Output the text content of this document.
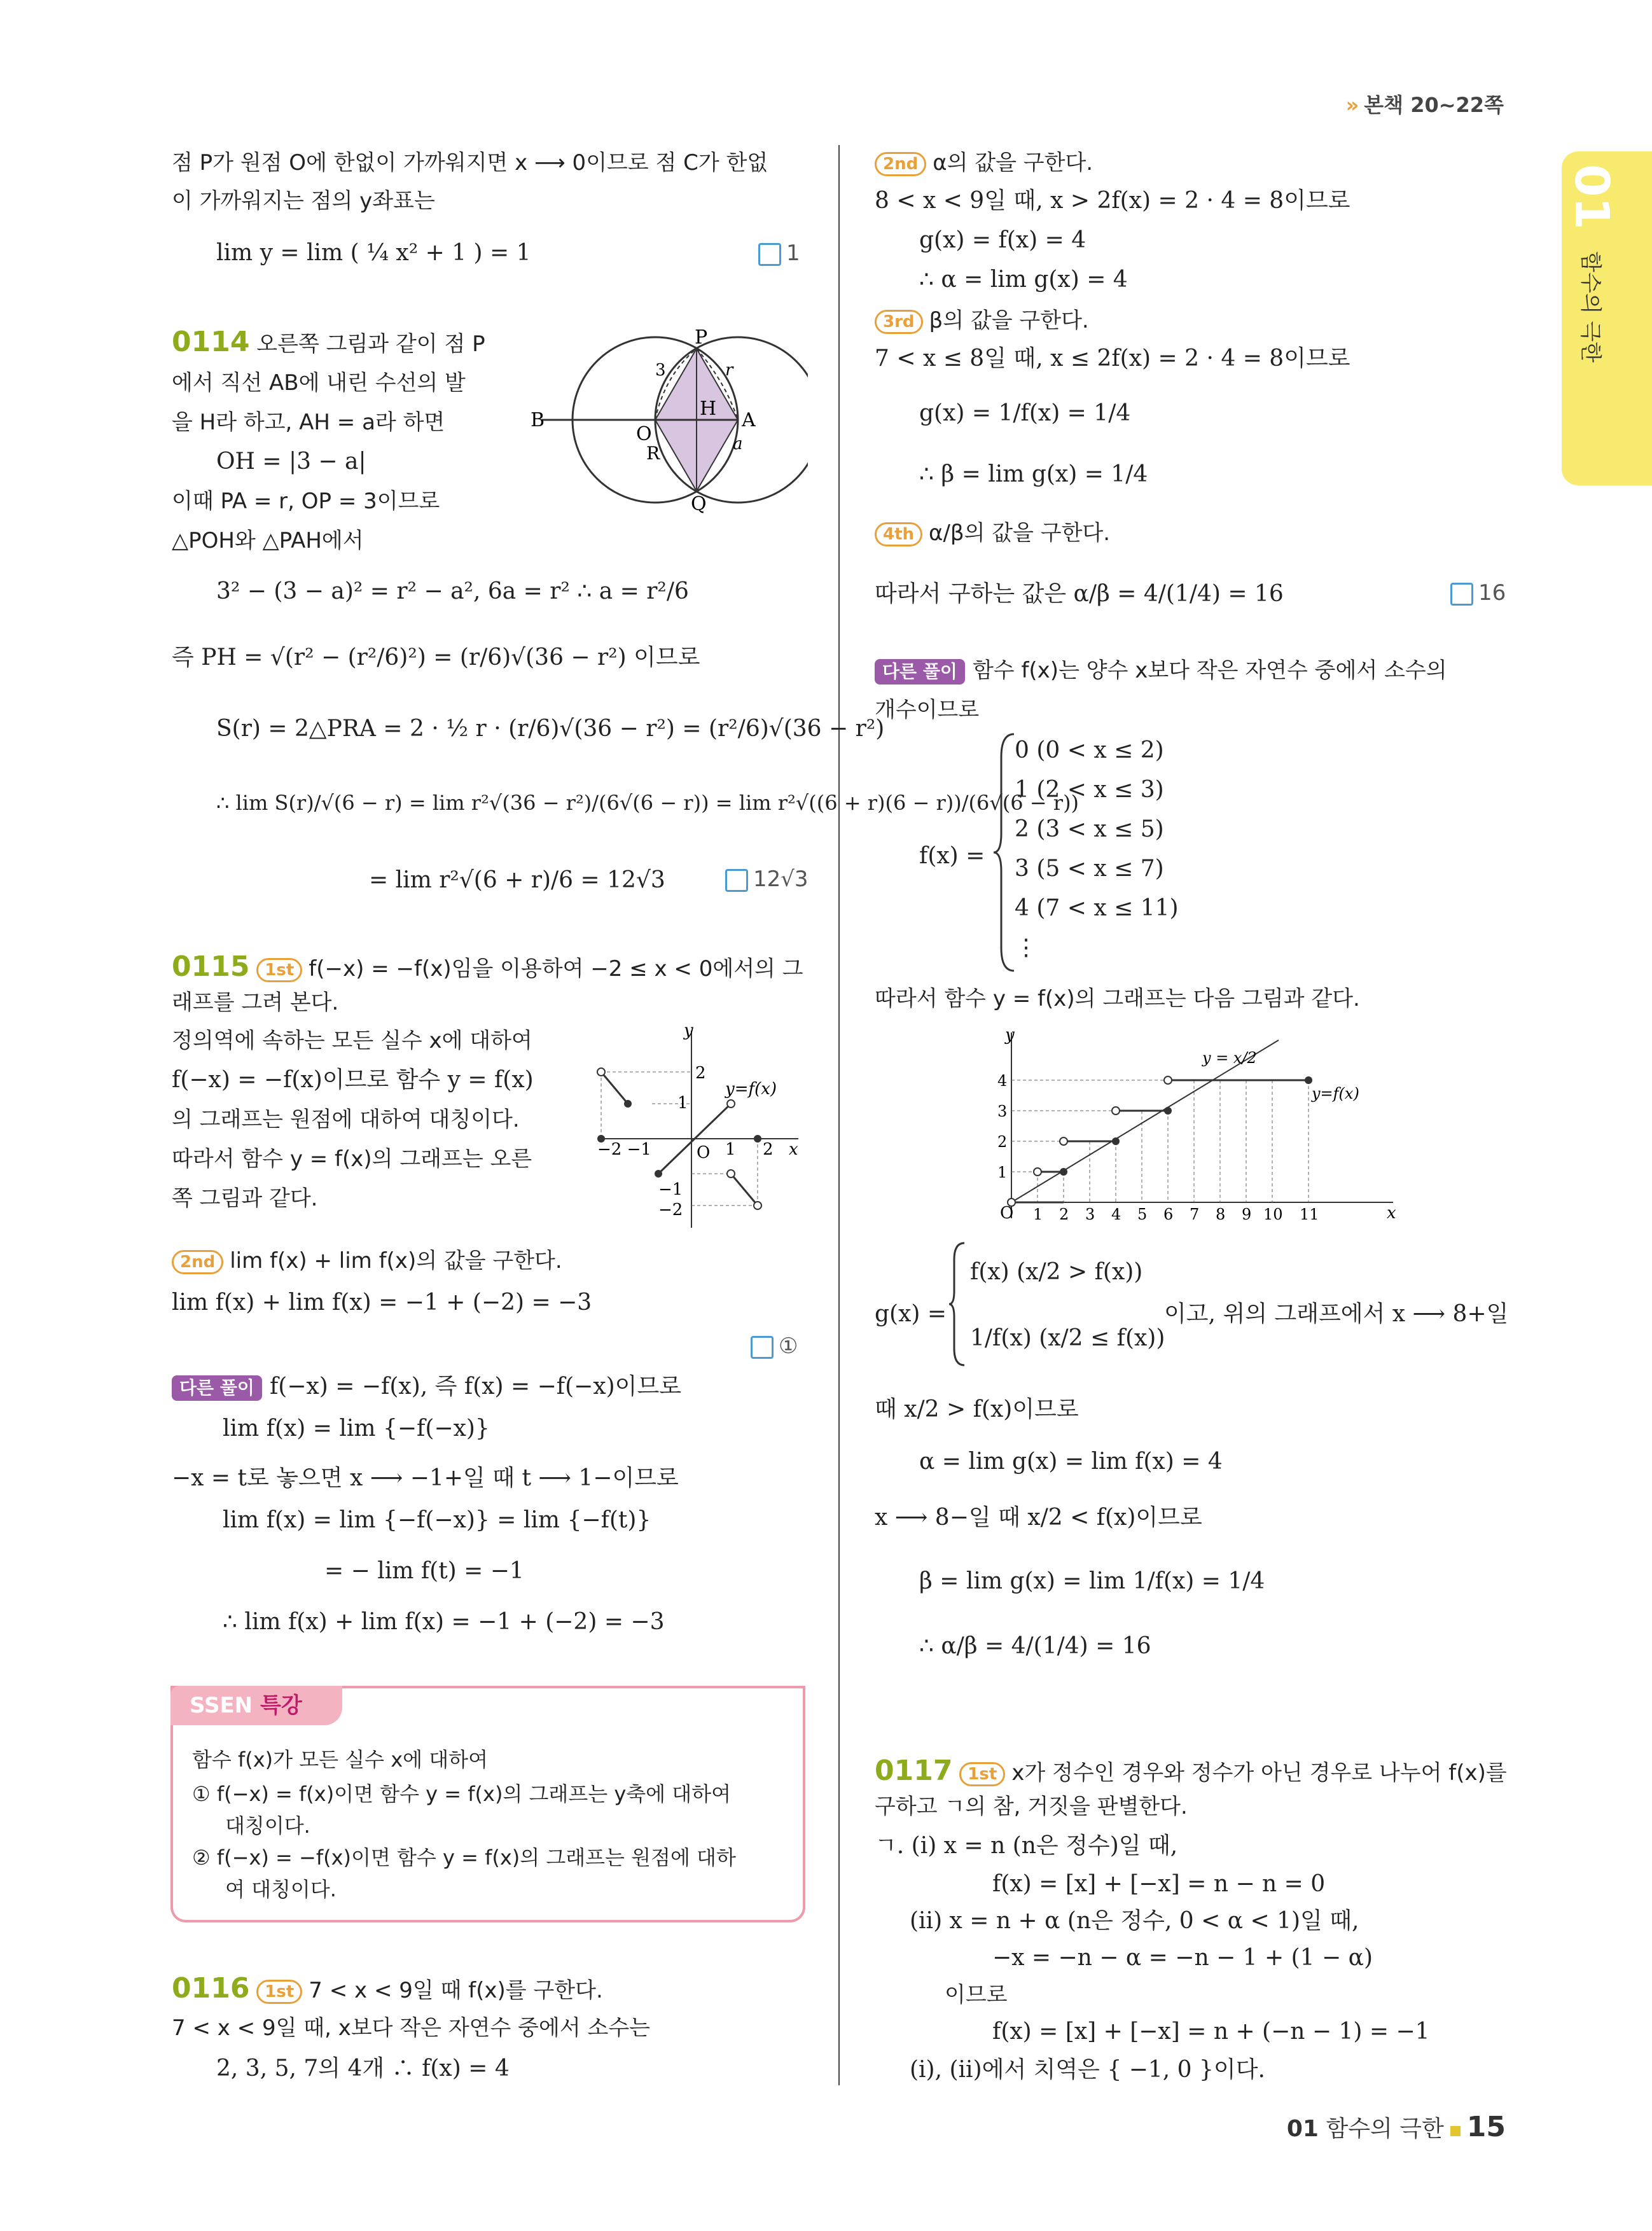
» 본책 20~22쪽
01
함수의 극한
01 함수의 극한 15
점 P가 원점 O에 한없이 가까워지면 x ⟶ 0이므로 점 C가 한없
이 가까워지는 점의 y좌표는
lim y = lim ( ¼ x² + 1 ) = 1	1
0114 오른쪽 그림과 같이 점 P
에서 직선 AB에 내린 수선의 발
을 H라 하고, AH = a라 하면
OH = |3 − a|
이때 PA = r, OP = 3이므로
△POH와 △PAH에서
3² − (3 − a)² = r² − a², 6a = r² ∴ a = r²/6
즉 PH = √(r² − (r²/6)²) = (r/6)√(36 − r²) 이므로
S(r) = 2△PRA = 2 · ½ r · (r/6)√(36 − r²) = (r²/6)√(36 − r²)
∴ lim S(r)/√(6 − r) = lim r²√(36 − r²)/(6√(6 − r)) = lim r²√((6 + r)(6 − r))/(6√(6 − r))
= lim r²√(6 + r)/6 = 12√3	12√3
P
B
O
H
A
R
Q
a
r
3
0115 1st f(−x) = −f(x)임을 이용하여 −2 ≤ x < 0에서의 그
래프를 그려 본다.
정의역에 속하는 모든 실수 x에 대하여
f(−x) = −f(x)이므로 함수 y = f(x)
의 그래프는 원점에 대하여 대칭이다.
따라서 함수 y = f(x)의 그래프는 오른
쪽 그림과 같다.
y
x
O
2
1
−1
−2
−2 −1	1 2
y=f(x)
2nd lim f(x) + lim f(x)의 값을 구한다.
lim f(x) + lim f(x) = −1 + (−2) = −3
①
다른 풀이 f(−x) = −f(x), 즉 f(x) = −f(−x)이므로
lim f(x) = lim {−f(−x)}
−x = t로 놓으면 x ⟶ −1+일 때 t ⟶ 1−이므로
lim f(x) = lim {−f(−x)} = lim {−f(t)}
= − lim f(t) = −1
∴ lim f(x) + lim f(x) = −1 + (−2) = −3
SSEN 특강
함수 f(x)가 모든 실수 x에 대하여
① f(−x) = f(x)이면 함수 y = f(x)의 그래프는 y축에 대하여
대칭이다.
② f(−x) = −f(x)이면 함수 y = f(x)의 그래프는 원점에 대하
여 대칭이다.
0116 1st 7 < x < 9일 때 f(x)를 구한다.
7 < x < 9일 때, x보다 작은 자연수 중에서 소수는
2, 3, 5, 7의 4개 ∴ f(x) = 4
2nd α의 값을 구한다.
8 < x < 9일 때, x > 2f(x) = 2 · 4 = 8이므로
g(x) = f(x) = 4
∴ α = lim g(x) = 4
3rd β의 값을 구한다.
7 < x ≤ 8일 때, x ≤ 2f(x) = 2 · 4 = 8이므로
g(x) = 1/f(x) = 1/4
∴ β = lim g(x) = 1/4
4th α/β의 값을 구한다.
따라서 구하는 값은 α/β = 4/(1/4) = 16	16
다른 풀이 함수 f(x)는 양수 x보다 작은 자연수 중에서 소수의
개수이므로
f(x) =
0 (0 < x ≤ 2)
1 (2 < x ≤ 3)
2 (3 < x ≤ 5)
3 (5 < x ≤ 7)
4 (7 < x ≤ 11)
⋮
따라서 함수 y = f(x)의 그래프는 다음 그림과 같다.
y
x
O
1
2
3
4
1 2 3 4 5 6 7 8 9 10 11
y = x/2
y=f(x)
g(x) =
f(x) (x/2 > f(x))
1/f(x) (x/2 ≤ f(x))
이고, 위의 그래프에서 x ⟶ 8+일
때 x/2 > f(x)이므로
α = lim g(x) = lim f(x) = 4
x ⟶ 8−일 때 x/2 < f(x)이므로
β = lim g(x) = lim 1/f(x) = 1/4
∴ α/β = 4/(1/4) = 16
0117 1st x가 정수인 경우와 정수가 아닌 경우로 나누어 f(x)를
구하고 ㄱ의 참, 거짓을 판별한다.
ㄱ. (ⅰ) x = n (n은 정수)일 때,
f(x) = [x] + [−x] = n − n = 0
(ⅱ) x = n + α (n은 정수, 0 < α < 1)일 때,
−x = −n − α = −n − 1 + (1 − α)
이므로
f(x) = [x] + [−x] = n + (−n − 1) = −1
(ⅰ), (ⅱ)에서 치역은 { −1, 0 }이다.
